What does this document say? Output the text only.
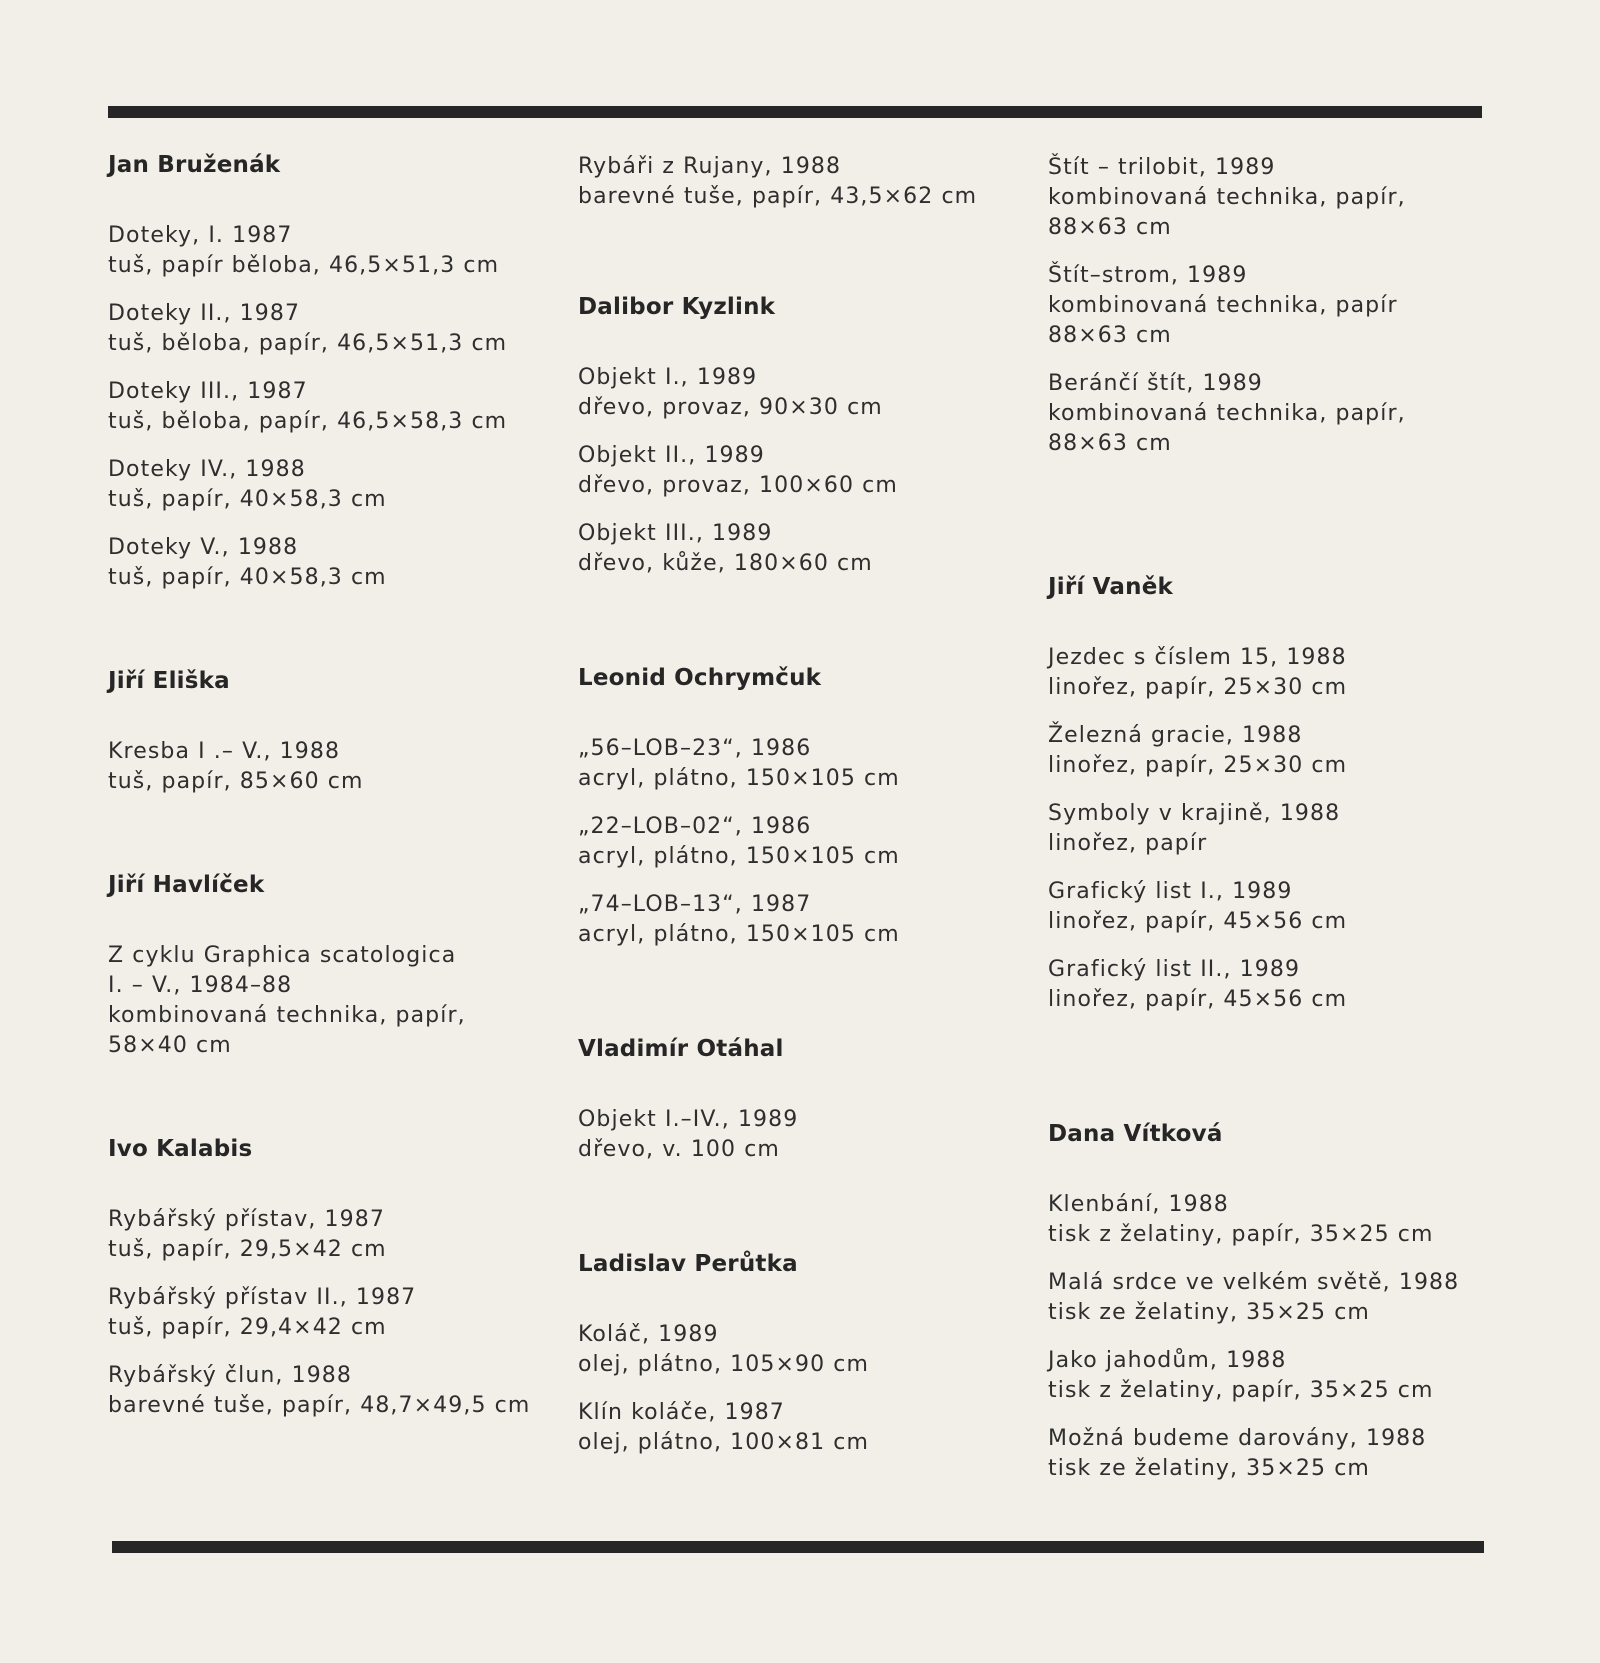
Jan Bruženák
Doteky, I. 1987
tuš, papír běloba, 46,5×51,3 cm
Doteky II., 1987
tuš, běloba, papír, 46,5×51,3 cm
Doteky III., 1987
tuš, běloba, papír, 46,5×58,3 cm
Doteky IV., 1988
tuš, papír, 40×58,3 cm
Doteky V., 1988
tuš, papír, 40×58,3 cm
Jiří Eliška
Kresba I .– V., 1988
tuš, papír, 85×60 cm
Jiří Havlíček
Z cyklu Graphica scatologica
I. – V., 1984–88
kombinovaná technika, papír,
58×40 cm
Ivo Kalabis
Rybářský přístav, 1987
tuš, papír, 29,5×42 cm
Rybářský přístav II., 1987
tuš, papír, 29,4×42 cm
Rybářský člun, 1988
barevné tuše, papír, 48,7×49,5 cm
Rybáři z Rujany, 1988
barevné tuše, papír, 43,5×62 cm
Dalibor Kyzlink
Objekt I., 1989
dřevo, provaz, 90×30 cm
Objekt II., 1989
dřevo, provaz, 100×60 cm
Objekt III., 1989
dřevo, kůže, 180×60 cm
Leonid Ochrymčuk
„56–LOB–23“, 1986
acryl, plátno, 150×105 cm
„22–LOB–02“, 1986
acryl, plátno, 150×105 cm
„74–LOB–13“, 1987
acryl, plátno, 150×105 cm
Vladimír Otáhal
Objekt I.–IV., 1989
dřevo, v. 100 cm
Ladislav Perůtka
Koláč, 1989
olej, plátno, 105×90 cm
Klín koláče, 1987
olej, plátno, 100×81 cm
Štít – trilobit, 1989
kombinovaná technika, papír,
88×63 cm
Štít–strom, 1989
kombinovaná technika, papír
88×63 cm
Beránčí štít, 1989
kombinovaná technika, papír,
88×63 cm
Jiří Vaněk
Jezdec s číslem 15, 1988
linořez, papír, 25×30 cm
Železná gracie, 1988
linořez, papír, 25×30 cm
Symboly v krajině, 1988
linořez, papír
Grafický list I., 1989
linořez, papír, 45×56 cm
Grafický list II., 1989
linořez, papír, 45×56 cm
Dana Vítková
Klenbání, 1988
tisk z želatiny, papír, 35×25 cm
Malá srdce ve velkém světě, 1988
tisk ze želatiny, 35×25 cm
Jako jahodům, 1988
tisk z želatiny, papír, 35×25 cm
Možná budeme darovány, 1988
tisk ze želatiny, 35×25 cm
